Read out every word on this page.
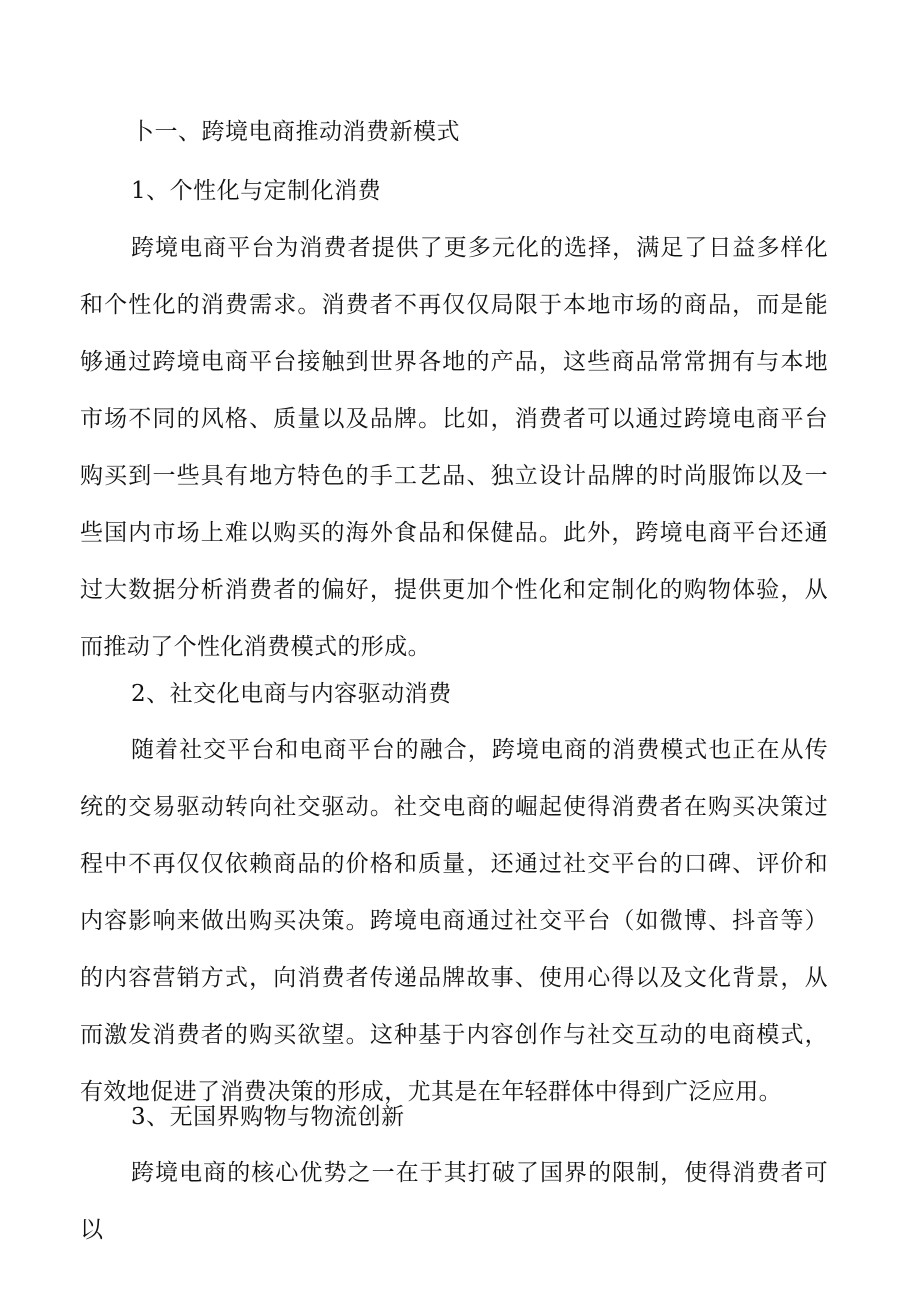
卜一、跨境电商推动消费新模式
1、个性化与定制化消费
跨境电商平台为消费者提供了更多元化的选择，满足了日益多样化和个性化的消费需求。消费者不再仅仅局限于本地市场的商品，而是能够通过跨境电商平台接触到世界各地的产品，这些商品常常拥有与本地市场不同的风格、质量以及品牌。比如，消费者可以通过跨境电商平台购买到一些具有地方特色的手工艺品、独立设计品牌的时尚服饰以及一些国内市场上难以购买的海外食品和保健品。此外，跨境电商平台还通过大数据分析消费者的偏好，提供更加个性化和定制化的购物体验，从而推动了个性化消费模式的形成。
2、社交化电商与内容驱动消费
随着社交平台和电商平台的融合，跨境电商的消费模式也正在从传统的交易驱动转向社交驱动。社交电商的崛起使得消费者在购买决策过程中不再仅仅依赖商品的价格和质量，还通过社交平台的口碑、评价和内容影响来做出购买决策。跨境电商通过社交平台（如微博、抖音等）的内容营销方式，向消费者传递品牌故事、使用心得以及文化背景，从而激发消费者的购买欲望。这种基于内容创作与社交互动的电商模式，有效地促进了消费决策的形成，尤其是在年轻群体中得到广泛应用。
3、无国界购物与物流创新
跨境电商的核心优势之一在于其打破了国界的限制，使得消费者可以
